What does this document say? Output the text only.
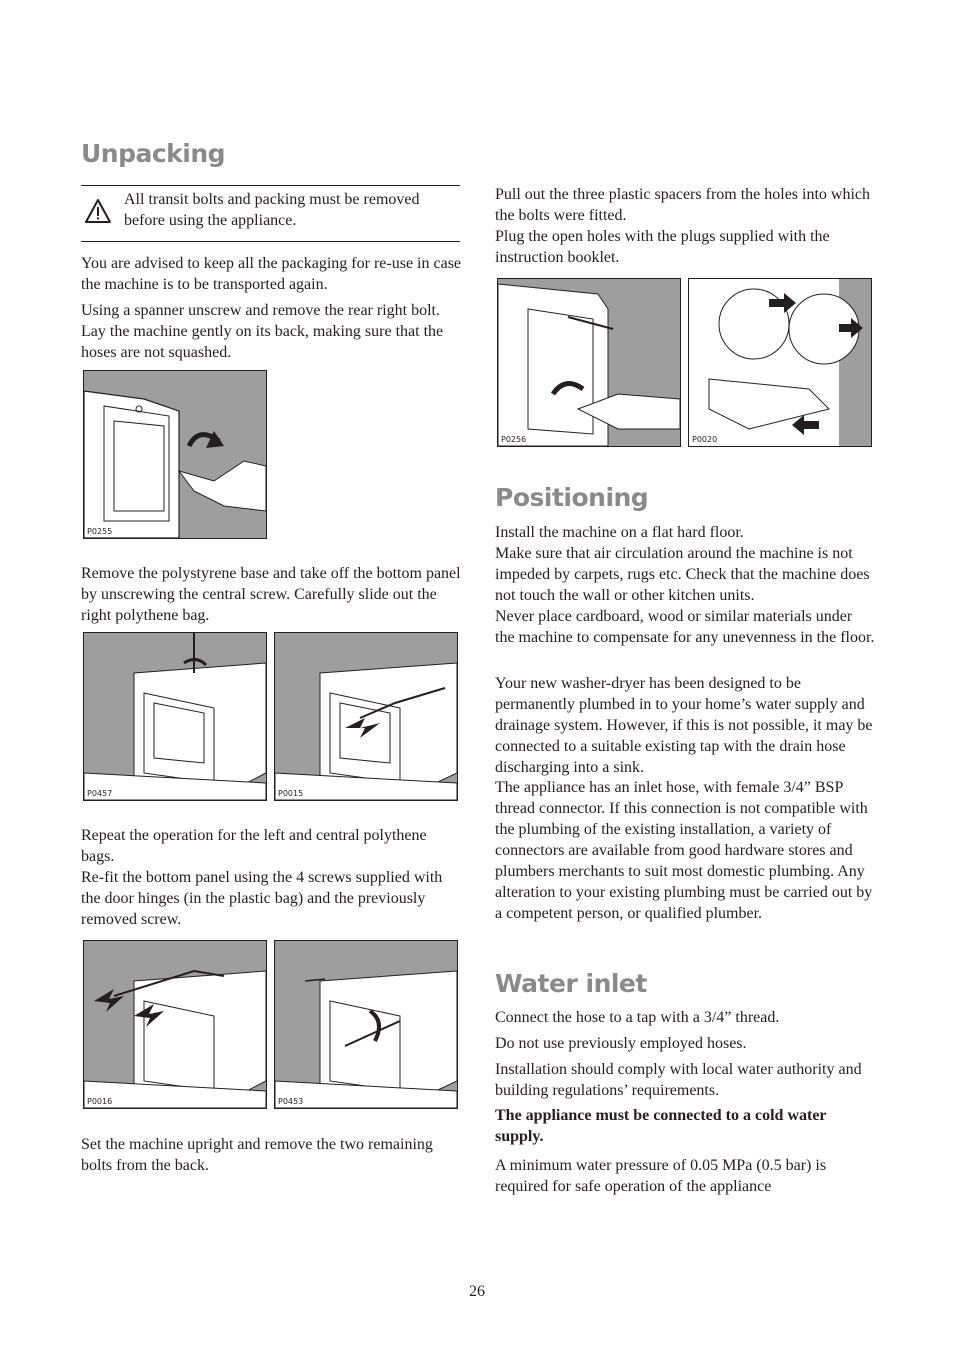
Unpacking
Positioning
Water inlet
All transit bolts and packing must be removed before using the appliance.

You are advised to keep all the packaging for re-use in case the machine is to be transported again.

Using a spanner unscrew and remove the rear right bolt. Lay the machine gently on its back, making sure that the hoses are not squashed.

P0255

Remove the polystyrene base and take off the bottom panel by unscrewing the central screw. Carefully slide out the right polythene bag.

P0457	P0015

Repeat the operation for the left and central polythene bags.

Re-fit the bottom panel using the 4 screws supplied with the door hinges (in the plastic bag) and the previously removed screw.

P0016	P0453

Set the machine upright and remove the two remaining bolts from the back.

Pull out the three plastic spacers from the holes into which the bolts were fitted.

Plug the open holes with the plugs supplied with the instruction booklet.

P0256	P0020

Install the machine on a flat hard floor.

Make sure that air circulation around the machine is not impeded by carpets, rugs etc. Check that the machine does not touch the wall or other kitchen units.

Never place cardboard, wood or similar materials under the machine to compensate for any unevenness in the floor.

Your new washer-dryer has been designed to be permanently plumbed in to your home’s water supply and drainage system. However, if this is not possible, it may be connected to a suitable existing tap with the drain hose discharging into a sink.

The appliance has an inlet hose, with female 3/4” BSP thread connector. If this connection is not compatible with the plumbing of the existing installation, a variety of connectors are available from good hardware stores and plumbers merchants to suit most domestic plumbing. Any alteration to your existing plumbing must be carried out by a competent person, or qualified plumber.

Connect the hose to a tap with a 3/4” thread.

Do not use previously employed hoses.

Installation should comply with local water authority and building regulations’ requirements.

The appliance must be connected to a cold water supply.

A minimum water pressure of 0.05 MPa (0.5 bar) is required for safe operation of the appliance

26
